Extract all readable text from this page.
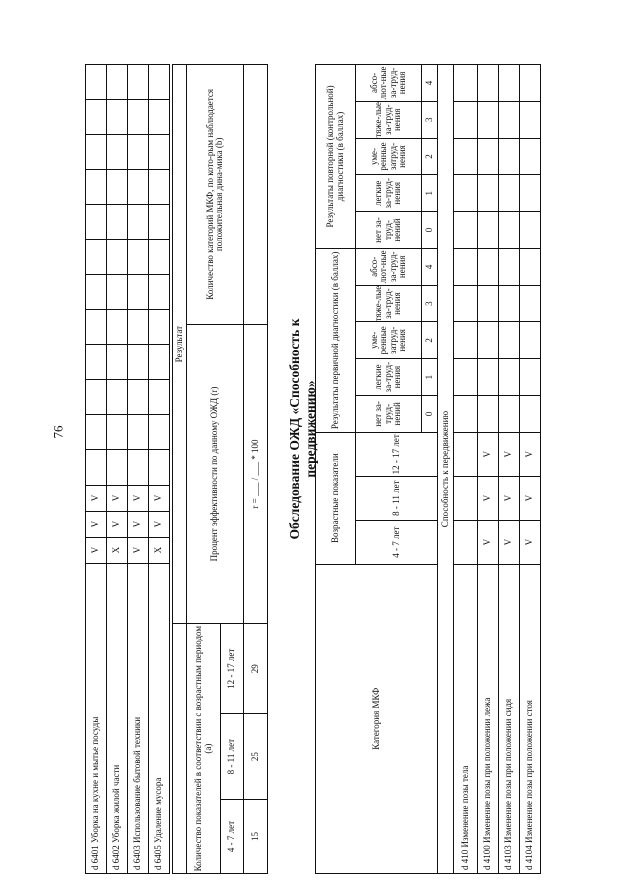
76
d 6401 Уборка на кухне и мытье посуды	V	V	V												
d 6402 Уборка жилой части	X	V	V												
d 6403 Использование бытовой техники	V	V	V												
d 6405 Удаление мусора	X	V	V												
			Результат	
Количество показателей в соответствии с возрастным периодом (а)			Процент эффективности по данному ОЖД (r)	Количество категорий МКФ, по кото-рым наблюдается положительная дина-мика (b)
4 - 7 лет	8 - 11 лет	12 - 17 лет		
15	25	29	r = ___ / ___ * 100	Обследование ОЖД «Способность к передвижению»
Категория МКФ	Возрастные показатели			Результаты первичной диагностики (в баллах)					Результаты повторной (контрольной) диагностики (в баллах)				
	4 - 7 лет	8 - 11 лет	12 - 17 лет	нет за-труд-нений	легкие за-труд-нения	уме-ренные затруд-нения	тяже-лые за-труд-нения	абсо-лют-ные за-труд-нения	нет за-труд-нений	легкие за-труд-нения	уме-ренные затруд-нения	тяже-лые за-труд-нения	абсо-лют-ные за-труд-нения
				0	1	2	3	4	0	1	2	3	4
Способность к передвижению													
d 410 Изменение позы тела													
d 4100 Изменение позы при положении лежа	V	V	V										
d 4103 Изменение позы при положении сидя	V	V	V										
d 4104 Изменение позы при положении стоя	V	V	V										
